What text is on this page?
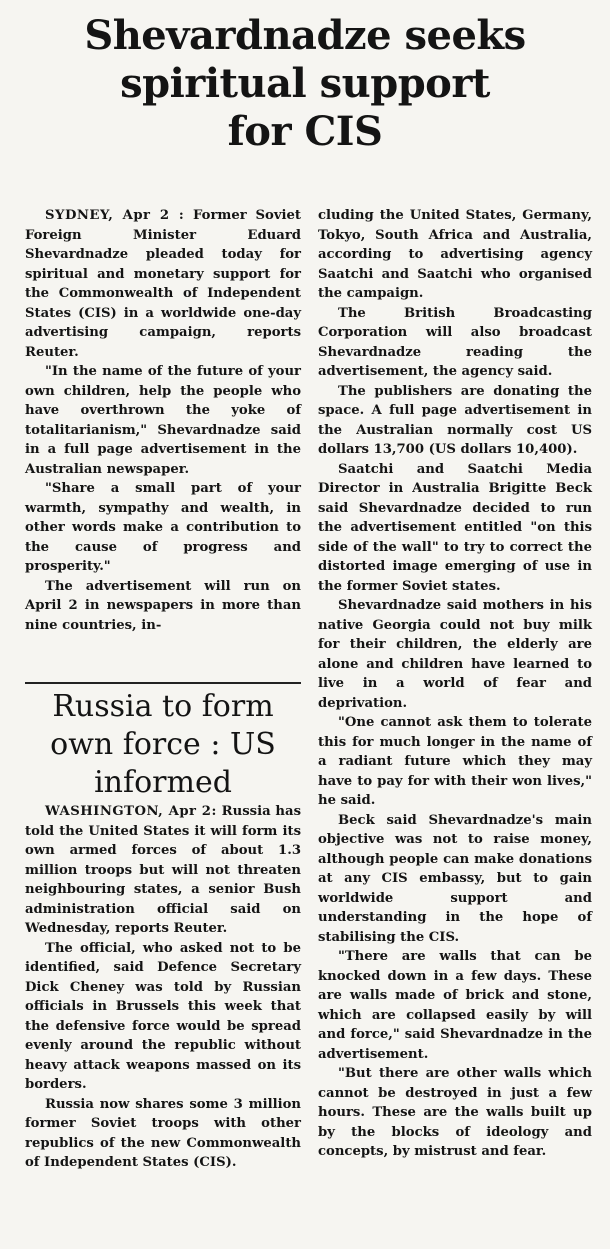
Shevardnadze seeks
spiritual support
for CIS

SYDNEY, Apr 2 : Former Soviet Foreign Minister Eduard Shevardnadze pleaded today for spiritual and monetary support for the Commonwealth of Independent States (CIS) in a worldwide one-day advertising campaign, reports Reuter.

"In the name of the future of your own children, help the people who have overthrown the yoke of totalitarianism," Shevardnadze said in a full page advertisement in the Australian newspaper.

"Share a small part of your warmth, sympathy and wealth, in other words make a contribution to the cause of progress and prosperity."

The advertisement will run on April 2 in newspapers in more than nine countries, in-

Russia to form
own force : US
informed

WASHINGTON, Apr 2: Russia has told the United States it will form its own armed forces of about 1.3 million troops but will not threaten neighbouring states, a senior Bush administration official said on Wednesday, reports Reuter.

The official, who asked not to be identified, said Defence Secretary Dick Cheney was told by Russian officials in Brussels this week that the defensive force would be spread evenly around the republic without heavy attack weapons massed on its borders.

Russia now shares some 3 million former Soviet troops with other republics of the new Commonwealth of Independent States (CIS).

cluding the United States, Germany, Tokyo, South Africa and Australia, according to advertising agency Saatchi and Saatchi who organised the campaign.

The British Broadcasting Corporation will also broadcast Shevardnadze reading the advertisement, the agency said.

The publishers are donating the space. A full page advertisement in the Australian normally cost US dollars 13,700 (US dollars 10,400).

Saatchi and Saatchi Media Director in Australia Brigitte Beck said Shevardnadze decided to run the advertisement entitled "on this side of the wall" to try to correct the distorted image emerging of use in the former Soviet states.

Shevardnadze said mothers in his native Georgia could not buy milk for their children, the elderly are alone and children have learned to live in a world of fear and deprivation.

"One cannot ask them to tolerate this for much longer in the name of a radiant future which they may have to pay for with their won lives," he said.

Beck said Shevardnadze's main objective was not to raise money, although people can make donations at any CIS embassy, but to gain worldwide support and understanding in the hope of stabilising the CIS.

"There are walls that can be knocked down in a few days. These are walls made of brick and stone, which are collapsed easily by will and force," said Shevardnadze in the advertisement.

"But there are other walls which cannot be destroyed in just a few hours. These are the walls built up by the blocks of ideology and concepts, by mistrust and fear.
